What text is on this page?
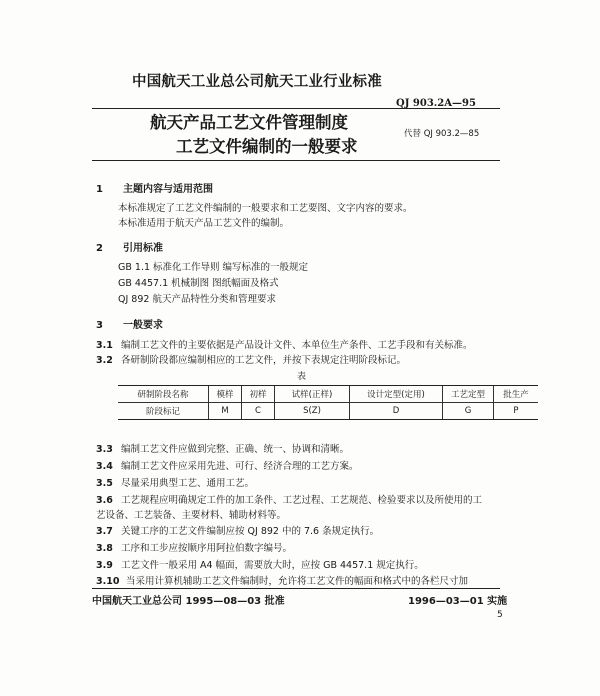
中国航天工业总公司航天工业行业标准
QJ 903.2A—95
航天产品工艺文件管理制度
工艺文件编制的一般要求
代替 QJ 903.2—85
1 主题内容与适用范围
本标准规定了工艺文件编制的一般要求和工艺要图、文字内容的要求。
本标准适用于航天产品工艺文件的编制。
2 引用标准
GB 1.1 标准化工作导则 编写标准的一般规定
GB 4457.1 机械制图 图纸幅面及格式
QJ 892 航天产品特性分类和管理要求
3 一般要求
3.1 编制工艺文件的主要依据是产品设计文件、本单位生产条件、工艺手段和有关标准。
3.2 各研制阶段都应编制相应的工艺文件，并按下表规定注明阶段标记。
表
研制阶段名称	模样	初样	试样(正样)	设计定型(定用)	工艺定型	批生产
阶段标记	M	C	S(Z)	D	G	P
3.3 编制工艺文件应做到完整、正确、统一、协调和清晰。
3.4 编制工艺文件应采用先进、可行、经济合理的工艺方案。
3.5 尽量采用典型工艺、通用工艺。
3.6 工艺规程应明确规定工件的加工条件、工艺过程、工艺规范、检验要求以及所使用的工
艺设备、工艺装备、主要材料、辅助材料等。
3.7 关键工序的工艺文件编制应按 QJ 892 中的 7.6 条规定执行。
3.8 工序和工步应按顺序用阿拉伯数字编号。
3.9 工艺文件一般采用 A4 幅面，需要放大时，应按 GB 4457.1 规定执行。
3.10 当采用计算机辅助工艺文件编制时，允许将工艺文件的幅面和格式中的各栏尺寸加
中国航天工业总公司 1995—08—03 批准	1996—03—01 实施
5
